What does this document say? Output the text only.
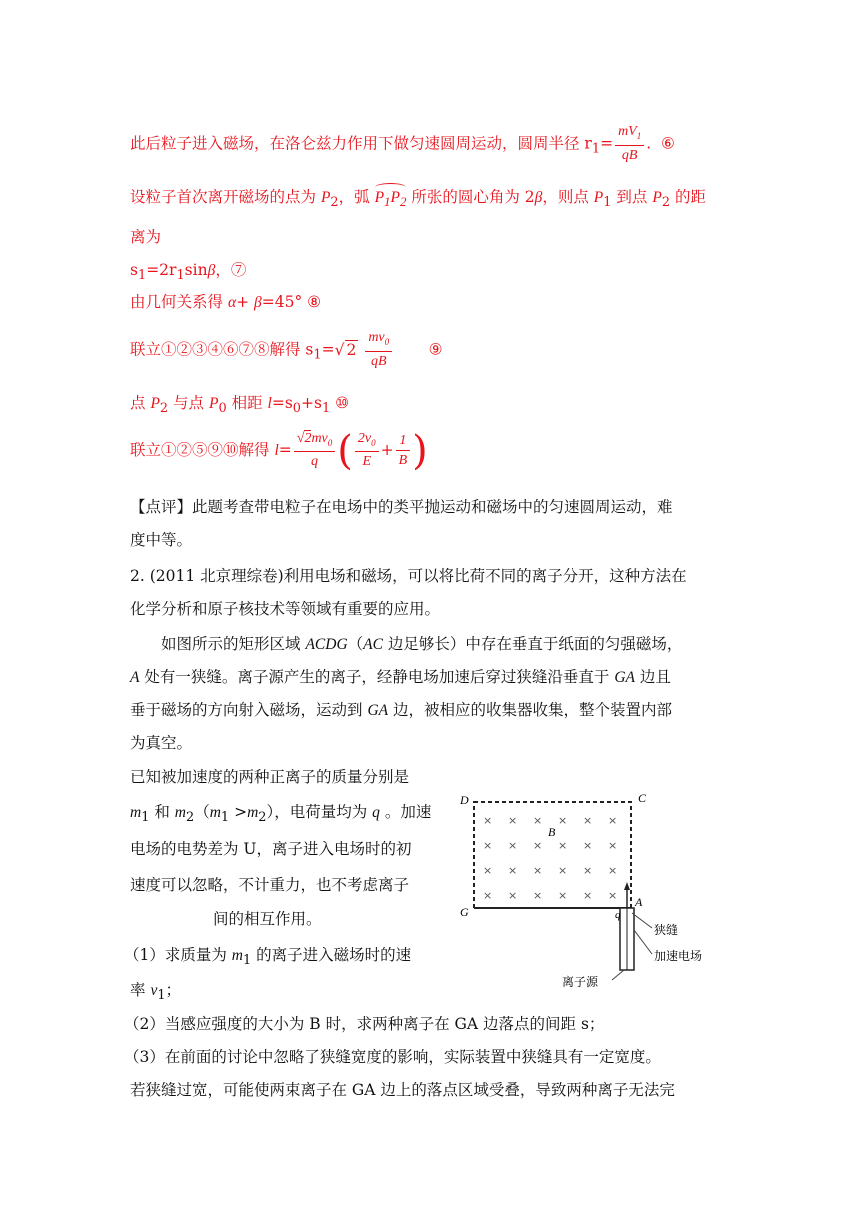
此后粒子进入磁场，在洛仑兹力作用下做匀速圆周运动，圆周半径 $r_1= \frac{mV_1}{qB}$ . ⑥
设粒子首次离开磁场的点为 $P_2$，弧 $P_1P_2$ 所张的圆心角为 2β，则点 $P_1$ 到点 $P_2$ 的距
离为
$s_1=2r_1\sin\beta$，⑦
由几何关系得 α+ β=45° ⑧
联立①②③④⑥⑦⑧解得 $s_1=√$ $2 \frac{mv_0}{qB}$ ⑨
点 $P_2$ 与点 $P_0$ 相距 $l=s_0+s_1$ ⑩
联立①②⑤⑨⑩解得 $l= \frac{√2mv_0}{q}$ ( $\frac{2v_0}{E} + \frac{1}{B}$ )
【点评】此题考查带电粒子在电场中的类平抛运动和磁场中的匀速圆周运动，难
度中等。
2. (2011 北京理综卷)利用电场和磁场，可以将比荷不同的离子分开，这种方法在
化学分析和原子核技术等领域有重要的应用。
如图所示的矩形区域 ACDG（AC 边足够长）中存在垂直于纸面的匀强磁场，
A 处有一狭缝。离子源产生的离子，经静电场加速后穿过狭缝沿垂直于 GA 边且
垂于磁场的方向射入磁场，运动到 GA 边，被相应的收集器收集，整个装置内部
为真空。
已知被加速度的两种正离子的质量分别是
$m_1$ 和 $m_2(m_1 >m_2)$，电荷量均为 q 。加速
电场的电势差为 U，离子进入电场时的初
速度可以忽略，不计重力，也不考虑离子
间的相互作用。
（1）求质量为 $m_1$ 的离子进入磁场时的速
率 $v_1$；
（2）当感应强度的大小为 B 时，求两种离子在 GA 边落点的间距 s；
（3）在前面的讨论中忽略了狭缝宽度的影响，实际装置中狭缝具有一定宽度。
若狭缝过宽，可能使两束离子在 GA 边上的落点区域受叠，导致两种离子无法完
× × × × × ×
× × × × × ×
× × × × × ×
× × × × × ×
D	C
B
G	q
A
狭缝
加速电场
离子源
